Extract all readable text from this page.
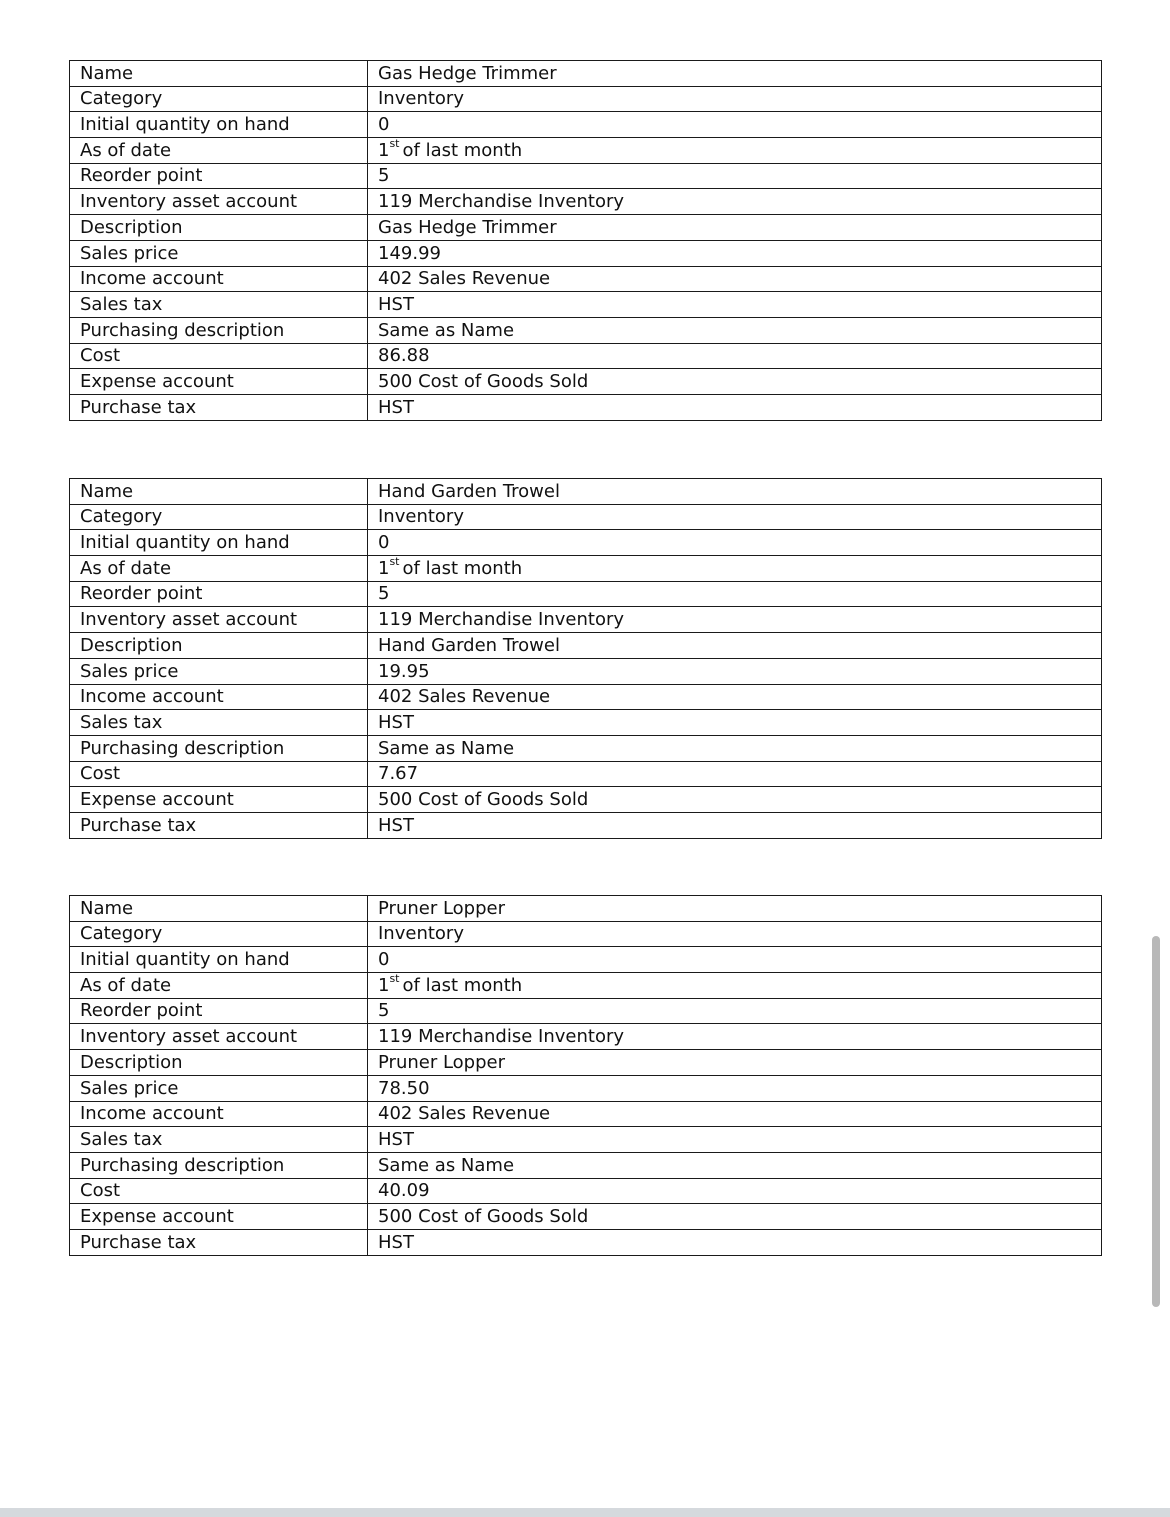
Name	Gas Hedge Trimmer
Category	Inventory
Initial quantity on hand	0
As of date	1st of last month
Reorder point	5
Inventory asset account	119 Merchandise Inventory
Description	Gas Hedge Trimmer
Sales price	149.99
Income account	402 Sales Revenue
Sales tax	HST
Purchasing description	Same as Name
Cost	86.88
Expense account	500 Cost of Goods Sold
Purchase tax	HST
Name	Hand Garden Trowel
Category	Inventory
Initial quantity on hand	0
As of date	1st of last month
Reorder point	5
Inventory asset account	119 Merchandise Inventory
Description	Hand Garden Trowel
Sales price	19.95
Income account	402 Sales Revenue
Sales tax	HST
Purchasing description	Same as Name
Cost	7.67
Expense account	500 Cost of Goods Sold
Purchase tax	HST
Name	Pruner Lopper
Category	Inventory
Initial quantity on hand	0
As of date	1st of last month
Reorder point	5
Inventory asset account	119 Merchandise Inventory
Description	Pruner Lopper
Sales price	78.50
Income account	402 Sales Revenue
Sales tax	HST
Purchasing description	Same as Name
Cost	40.09
Expense account	500 Cost of Goods Sold
Purchase tax	HST
